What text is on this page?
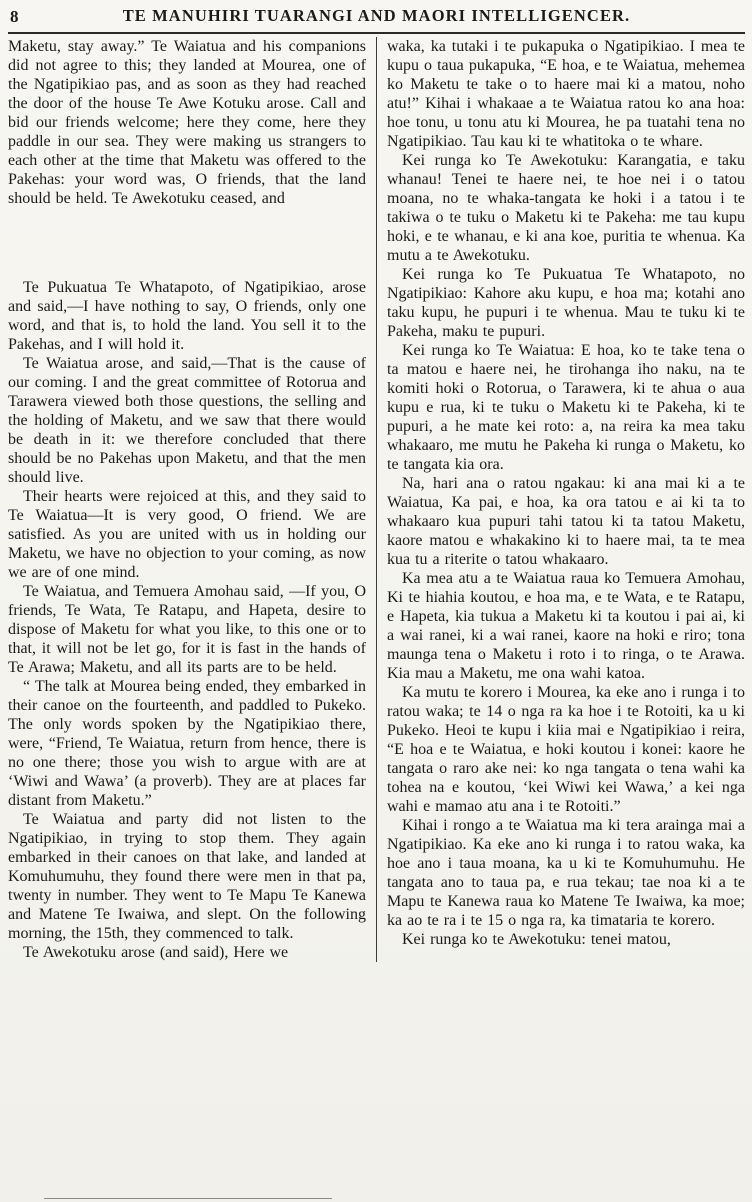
8	TE MANUHIRI TUARANGI AND MAORI INTELLIGENCER.

Maketu, stay away.” Te Waiatua and his companions did not agree to this; they landed at Mourea, one of the Ngatipikiao pas, and as soon as they had reached the door of the house Te Awe Kotuku arose. Call and bid our friends welcome; here they come, here they paddle in our sea. They were making us strangers to each other at the time that Maketu was offered to the Pakehas: your word was, O friends, that the land should be held. Te Awekotuku ceased, and

Te Pukuatua Te Whatapoto, of Ngatipikiao, arose and said,—I have nothing to say, O friends, only one word, and that is, to hold the land. You sell it to the Pakehas, and I will hold it.

Te Waiatua arose, and said,—That is the cause of our coming. I and the great committee of Rotorua and Tarawera viewed both those questions, the selling and the holding of Maketu, and we saw that there would be death in it: we therefore concluded that there should be no Pakehas upon Maketu, and that the men should live.

Their hearts were rejoiced at this, and they said to Te Waiatua—It is very good, O friend. We are satisfied. As you are united with us in holding our Maketu, we have no objection to your coming, as now we are of one mind.

Te Waiatua, and Temuera Amohau said, —If you, O friends, Te Wata, Te Ratapu, and Hapeta, desire to dispose of Maketu for what you like, to this one or to that, it will not be let go, for it is fast in the hands of Te Arawa; Maketu, and all its parts are to be held.

“ The talk at Mourea being ended, they embarked in their canoe on the fourteenth, and paddled to Pukeko. The only words spoken by the Ngatipikiao there, were, “Friend, Te Waiatua, return from hence, there is no one there; those you wish to argue with are at ‘Wiwi and Wawa’ (a proverb). They are at places far distant from Maketu.”

Te Waiatua and party did not listen to the Ngatipikiao, in trying to stop them. They again embarked in their canoes on that lake, and landed at Komuhumuhu, they found there were men in that pa, twenty in number. They went to Te Mapu Te Kanewa and Matene Te Iwaiwa, and slept. On the following morning, the 15th, they commenced to talk.

Te Awekotuku arose (and said), Here we

waka, ka tutaki i te pukapuka o Ngatipikiao. I mea te kupu o taua pukapuka, “E hoa, e te Waiatua, mehemea ko Maketu te take o to haere mai ki a matou, noho atu!” Kihai i whakaae a te Waiatua ratou ko ana hoa: hoe tonu, u tonu atu ki Mourea, he pa tuatahi tena no Ngatipikiao. Tau kau ki te whatitoka o te whare.

Kei runga ko Te Awekotuku: Karangatia, e taku whanau! Tenei te haere nei, te hoe nei i o tatou moana, no te whaka-tangata ke hoki i a tatou i te takiwa o te tuku o Maketu ki te Pakeha: me tau kupu hoki, e te whanau, e ki ana koe, puritia te whenua. Ka mutu a te Awekotuku.

Kei runga ko Te Pukuatua Te Whatapoto, no Ngatipikiao: Kahore aku kupu, e hoa ma; kotahi ano taku kupu, he pupuri i te whenua. Mau te tuku ki te Pakeha, maku te pupuri.

Kei runga ko Te Waiatua: E hoa, ko te take tena o ta matou e haere nei, he tirohanga iho naku, na te komiti hoki o Rotorua, o Tarawera, ki te ahua o aua kupu e rua, ki te tuku o Maketu ki te Pakeha, ki te pupuri, a he mate kei roto: a, na reira ka mea taku whakaaro, me mutu he Pakeha ki runga o Maketu, ko te tangata kia ora.

Na, hari ana o ratou ngakau: ki ana mai ki a te Waiatua, Ka pai, e hoa, ka ora tatou e ai ki ta to whakaaro kua pupuri tahi tatou ki ta tatou Maketu, kaore matou e whakakino ki to haere mai, ta te mea kua tu a riterite o tatou whakaaro.

Ka mea atu a te Waiatua raua ko Temuera Amohau, Ki te hiahia koutou, e hoa ma, e te Wata, e te Ratapu, e Hapeta, kia tukua a Maketu ki ta koutou i pai ai, ki a wai ranei, ki a wai ranei, kaore na hoki e riro; tona maunga tena o Maketu i roto i to ringa, o te Arawa. Kia mau a Maketu, me ona wahi katoa.

Ka mutu te korero i Mourea, ka eke ano i runga i to ratou waka; te 14 o nga ra ka hoe i te Rotoiti, ka u ki Pukeko. Heoi te kupu i kiia mai e Ngatipikiao i reira, “E hoa e te Waiatua, e hoki koutou i konei: kaore he tangata o raro ake nei: ko nga tangata o tena wahi ka tohea na e koutou, ‘kei Wiwi kei Wawa,’ a kei nga wahi e mamao atu ana i te Rotoiti.”

Kihai i rongo a te Waiatua ma ki tera arainga mai a Ngatipikiao. Ka eke ano ki runga i to ratou waka, ka hoe ano i taua moana, ka u ki te Komuhumuhu. He tangata ano to taua pa, e rua tekau; tae noa ki a te Mapu te Kanewa raua ko Matene Te Iwaiwa, ka moe; ka ao te ra i te 15 o nga ra, ka timataria te korero.

Kei runga ko te Awekotuku: tenei matou,
